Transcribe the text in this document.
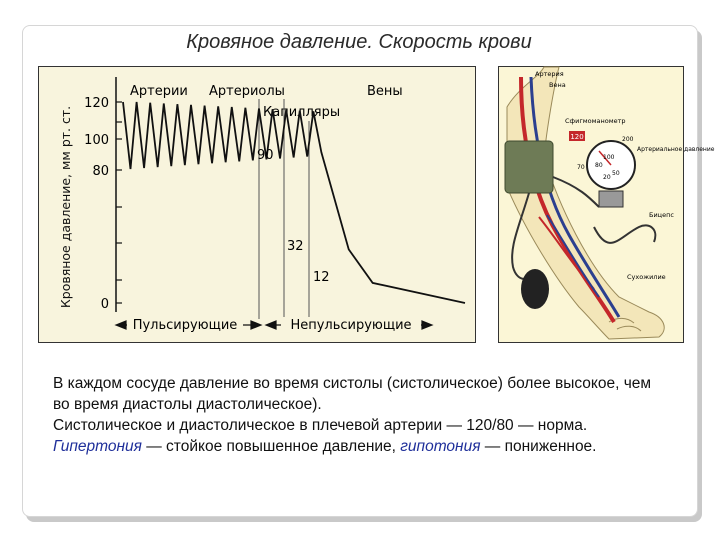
Кровяное давление. Скорость крови
Кровяное давление, мм рт. ст.
120
100
80
0
Артерии Артериолы
Капилляры
Вены
90
32
12
Пульсирующие	Непульсирующие
120	200
100
80
50
20
70
Артерия
Вена
Сфигмоманометр
Артериальное давление
Бицепс
Сухожилие

В каждом сосуде давление во время систолы (систолическое) более высокое, чем во время диастолы диастолическое).

Систолическое и диастолическое в плечевой артерии — 120/80 — норма. Гипертония — стойкое повышенное давление, гипотония — пониженное.
